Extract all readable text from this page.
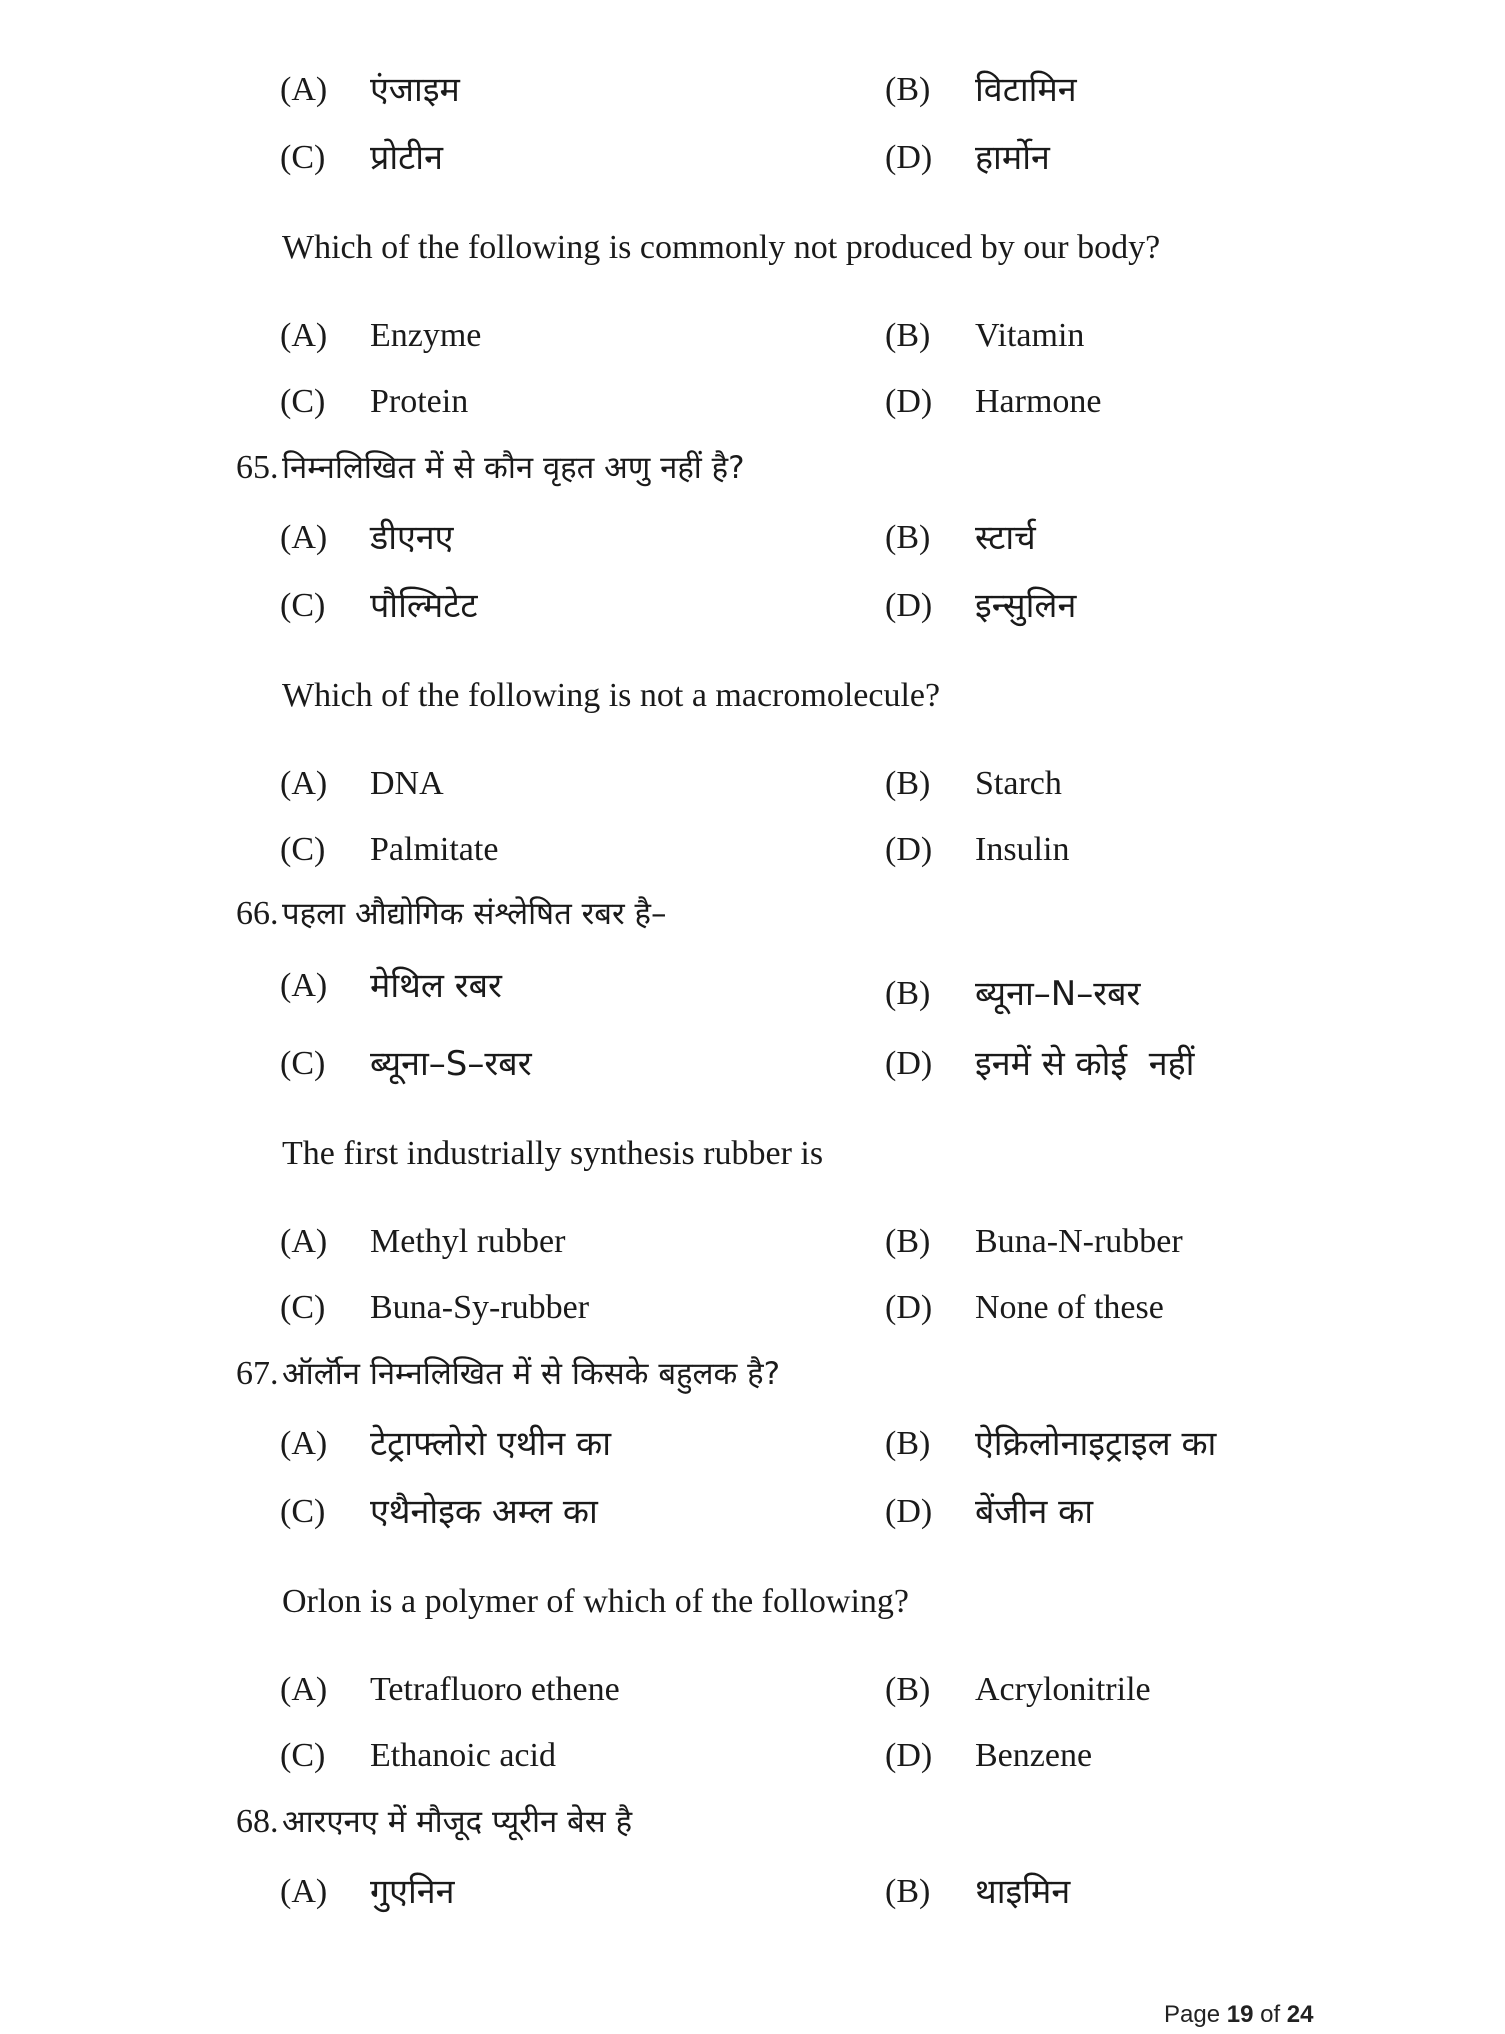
(A) एंजाइम	(B) विटामिन
(C) प्रोटीन	(D) हार्मोन
Which of the following is commonly not produced by our body?
(A) Enzyme	(B) Vitamin
(C) Protein	(D) Harmone
65. निम्नलिखित में से कौन वृहत अणु नहीं है?
(A) डीएनए	(B) स्टार्च
(C) पौल्मिटेट	(D) इन्सुलिन
Which of the following is not a macromolecule?
(A) DNA	(B) Starch
(C) Palmitate	(D) Insulin
66. पहला औद्योगिक संश्लेषित रबर है–
(A) मेथिल रबर	(B) ब्यूना–N–रबर
(C) ब्यूना–S–रबर	(D) इनमें से कोई  नहीं
The first industrially synthesis rubber is
(A) Methyl rubber	(B) Buna-N-rubber
(C) Buna-Sy-rubber	(D) None of these
67. ऑर्लॉन निम्नलिखित में से किसके बहुलक है?
(A) टेट्राफ्लोरो एथीन का	(B) ऐक्रिलोनाइट्राइल का
(C) एथैनोइक अम्ल का	(D) बेंजीन का
Orlon is a polymer of which of the following?
(A) Tetrafluoro ethene	(B) Acrylonitrile
(C) Ethanoic acid	(D) Benzene
68. आरएनए में मौजूद प्यूरीन बेस है
(A) गुएनिन	(B) थाइमिन
Page 19 of 24
